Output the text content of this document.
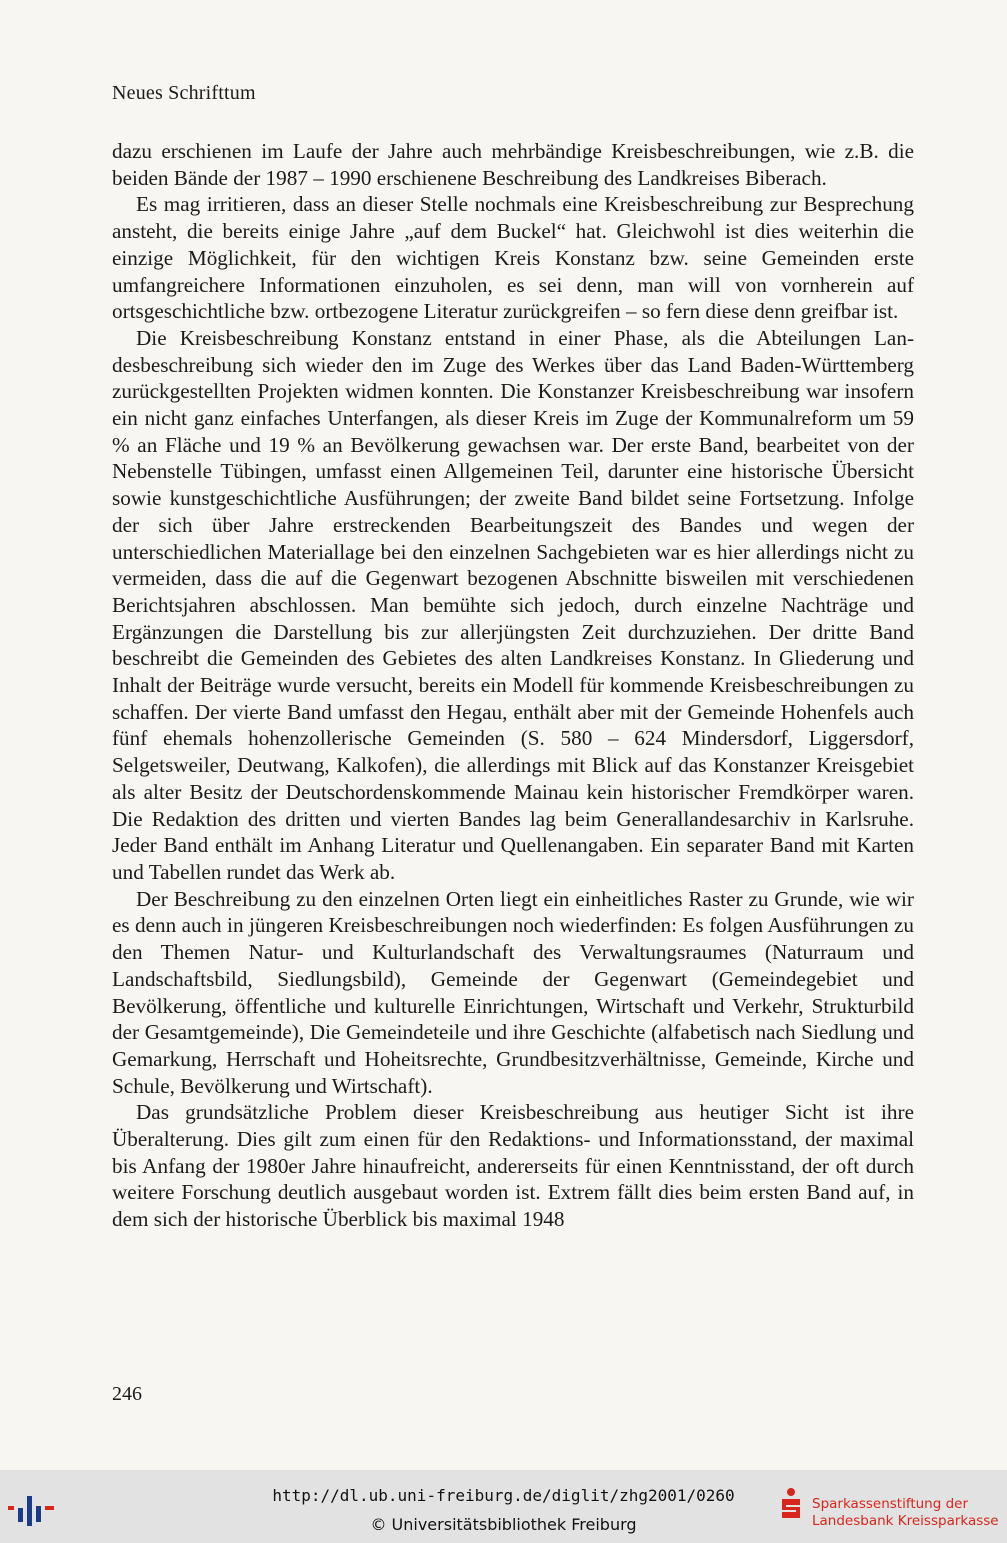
Neues Schrifttum

dazu erschienen im Laufe der Jahre auch mehrbändige Kreisbeschreibungen, wie z.B. die beiden Bände der 1987 – 1990 erschienene Beschreibung des Landkreises Biberach.

Es mag irritieren, dass an dieser Stelle nochmals eine Kreisbeschreibung zur Besprechung ansteht, die bereits einige Jahre „auf dem Buckel“ hat. Gleichwohl ist dies weiterhin die einzige Möglichkeit, für den wichtigen Kreis Konstanz bzw. seine Gemeinden erste umfangreichere Informationen einzuholen, es sei denn, man will von vornherein auf ortsgeschichtliche bzw. ortbezogene Literatur zurückgreifen – so fern diese denn greifbar ist.

Die Kreisbeschreibung Konstanz entstand in einer Phase, als die Abteilungen Landesbeschreibung sich wieder den im Zuge des Werkes über das Land Baden-Württemberg zurückgestellten Projekten widmen konnten. Die Konstanzer Kreisbeschreibung war insofern ein nicht ganz einfaches Unterfangen, als dieser Kreis im Zuge der Kommunalreform um 59 % an Fläche und 19 % an Bevölkerung gewachsen war. Der erste Band, bearbeitet von der Nebenstelle Tübingen, umfasst einen Allgemeinen Teil, darunter eine historische Übersicht sowie kunstgeschichtliche Ausführungen; der zweite Band bildet seine Fortsetzung. Infolge der sich über Jahre erstreckenden Bearbeitungszeit des Bandes und wegen der unterschiedlichen Materiallage bei den einzelnen Sachgebieten war es hier allerdings nicht zu vermeiden, dass die auf die Gegenwart bezogenen Abschnitte bisweilen mit verschiedenen Berichtsjahren abschlossen. Man bemühte sich jedoch, durch einzelne Nachträge und Ergänzungen die Darstellung bis zur allerjüngsten Zeit durchzuziehen. Der dritte Band beschreibt die Gemeinden des Gebietes des alten Landkreises Konstanz. In Gliederung und Inhalt der Beiträge wurde versucht, bereits ein Modell für kommende Kreisbeschreibungen zu schaffen. Der vierte Band umfasst den Hegau, enthält aber mit der Gemeinde Hohenfels auch fünf ehemals hohenzollerische Gemeinden (S. 580 – 624 Mindersdorf, Liggersdorf, Selgetsweiler, Deutwang, Kalkofen), die allerdings mit Blick auf das Konstanzer Kreisgebiet als alter Besitz der Deutschordenskommende Mainau kein historischer Fremdkörper waren. Die Redaktion des dritten und vierten Bandes lag beim Generallandesarchiv in Karlsruhe. Jeder Band enthält im Anhang Literatur und Quellenangaben. Ein separater Band mit Karten und Tabellen rundet das Werk ab.

Der Beschreibung zu den einzelnen Orten liegt ein einheitliches Raster zu Grunde, wie wir es denn auch in jüngeren Kreisbeschreibungen noch wiederfinden: Es folgen Ausführungen zu den Themen Natur- und Kulturlandschaft des Verwaltungsraumes (Naturraum und Landschaftsbild, Siedlungsbild), Gemeinde der Gegenwart (Gemeindegebiet und Bevölkerung, öffentliche und kulturelle Einrichtungen, Wirtschaft und Verkehr, Strukturbild der Gesamtgemeinde), Die Gemeindeteile und ihre Geschichte (alfabetisch nach Siedlung und Gemarkung, Herrschaft und Hoheitsrechte, Grundbesitzverhältnisse, Gemeinde, Kirche und Schule, Bevölkerung und Wirtschaft).

Das grundsätzliche Problem dieser Kreisbeschreibung aus heutiger Sicht ist ihre Überalterung. Dies gilt zum einen für den Redaktions- und Informationsstand, der maximal bis Anfang der 1980er Jahre hinaufreicht, andererseits für einen Kenntnisstand, der oft durch weitere Forschung deutlich ausgebaut worden ist. Extrem fällt dies beim ersten Band auf, in dem sich der historische Überblick bis maximal 1948

246
http://dl.ub.uni-freiburg.de/diglit/zhg2001/0260
© Universitätsbibliothek Freiburg
Sparkassenstiftung der
Landesbank Kreissparkasse
